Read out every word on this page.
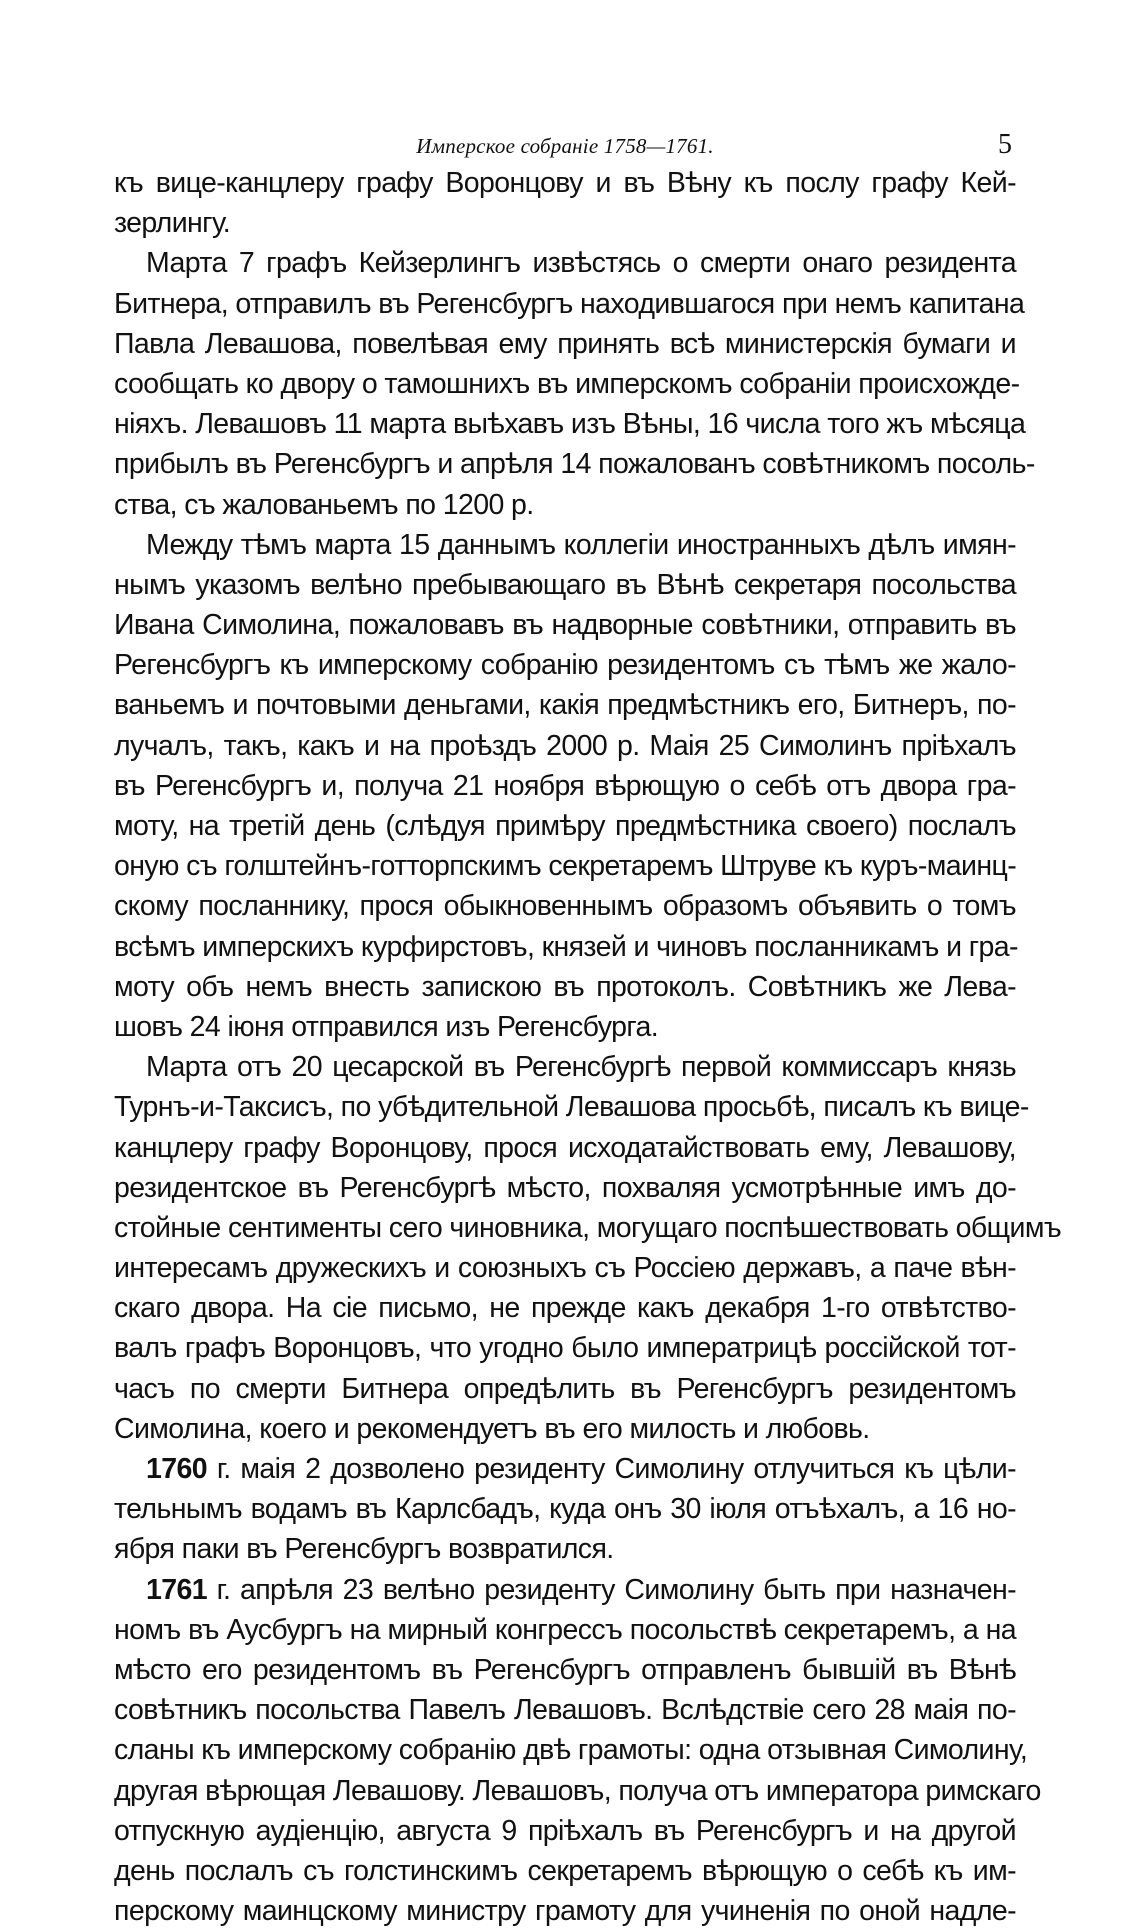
Имперское собраніе 1758—1761.	5
къ вице-канцлеру графу Воронцову и въ Вѣну къ послу графу Кей-
зерлингу.
Марта 7 графъ Кейзерлингъ извѣстясь о смерти онаго резидента
Битнера, отправилъ въ Регенсбургъ находившагося при немъ капитана
Павла Левашова, повелѣвая ему принять всѣ министерскія бумаги и
сообщать ко двору о тамошнихъ въ имперскомъ собраніи происхожде-
ніяхъ. Левашовъ 11 марта выѣхавъ изъ Вѣны, 16 числа того жъ мѣсяца
прибылъ въ Регенсбургъ и апрѣля 14 пожалованъ совѣтникомъ посоль-
ства, съ жалованьемъ по 1200 р.
Между тѣмъ марта 15 даннымъ коллегіи иностранныхъ дѣлъ имян-
нымъ указомъ велѣно пребывающаго въ Вѣнѣ секретаря посольства
Ивана Симолина, пожаловавъ въ надворные совѣтники, отправить въ
Регенсбургъ къ имперскому собранію резидентомъ съ тѣмъ же жало-
ваньемъ и почтовыми деньгами, какія предмѣстникъ его, Битнеръ, по-
лучалъ, такъ, какъ и на проѣздъ 2000 р. Маія 25 Симолинъ пріѣхалъ
въ Регенсбургъ и, получа 21 ноября вѣрющую о себѣ отъ двора гра-
моту, на третій день (слѣдуя примѣру предмѣстника своего) послалъ
оную съ голштейнъ-готторпскимъ секретаремъ Штруве къ куръ-маинц-
скому посланнику, прося обыкновеннымъ образомъ объявить о томъ
всѣмъ имперскихъ курфирстовъ, князей и чиновъ посланникамъ и гра-
моту объ немъ внесть запискою въ протоколъ. Совѣтникъ же Лева-
шовъ 24 іюня отправился изъ Регенсбурга.
Марта отъ 20 цесарской въ Регенсбургѣ первой коммиссаръ князь
Турнъ-и-Таксисъ, по убѣдительной Левашова просьбѣ, писалъ къ вице-
канцлеру графу Воронцову, прося исходатайствовать ему, Левашову,
резидентское въ Регенсбургѣ мѣсто, похваляя усмотрѣнные имъ до-
стойные сентименты сего чиновника, могущаго поспѣшествовать общимъ
интересамъ дружескихъ и союзныхъ съ Россіею державъ, а паче вѣн-
скаго двора. На сіе письмо, не прежде какъ декабря 1-го отвѣтство-
валъ графъ Воронцовъ, что угодно было императрицѣ россійской тот-
часъ по смерти Битнера опредѣлить въ Регенсбургъ резидентомъ
Симолина, коего и рекомендуетъ въ его милость и любовь.
1760 г. маія 2 дозволено резиденту Симолину отлучиться къ цѣли-
тельнымъ водамъ въ Карлсбадъ, куда онъ 30 іюля отъѣхалъ, а 16 но-
ября паки въ Регенсбургъ возвратился.
1761 г. апрѣля 23 велѣно резиденту Симолину быть при назначен-
номъ въ Аусбургъ на мирный конгрессъ посольствѣ секретаремъ, а на
мѣсто его резидентомъ въ Регенсбургъ отправленъ бывшій въ Вѣнѣ
совѣтникъ посольства Павелъ Левашовъ. Вслѣдствіе сего 28 маія по-
сланы къ имперскому собранію двѣ грамоты: одна отзывная Симолину,
другая вѣрющая Левашову. Левашовъ, получа отъ императора римскаго
отпускную аудіенцію, августа 9 пріѣхалъ въ Регенсбургъ и на другой
день послалъ съ голстинскимъ секретаремъ вѣрющую о себѣ къ им-
перскому маинцскому министру грамоту для учиненія по оной надле-
